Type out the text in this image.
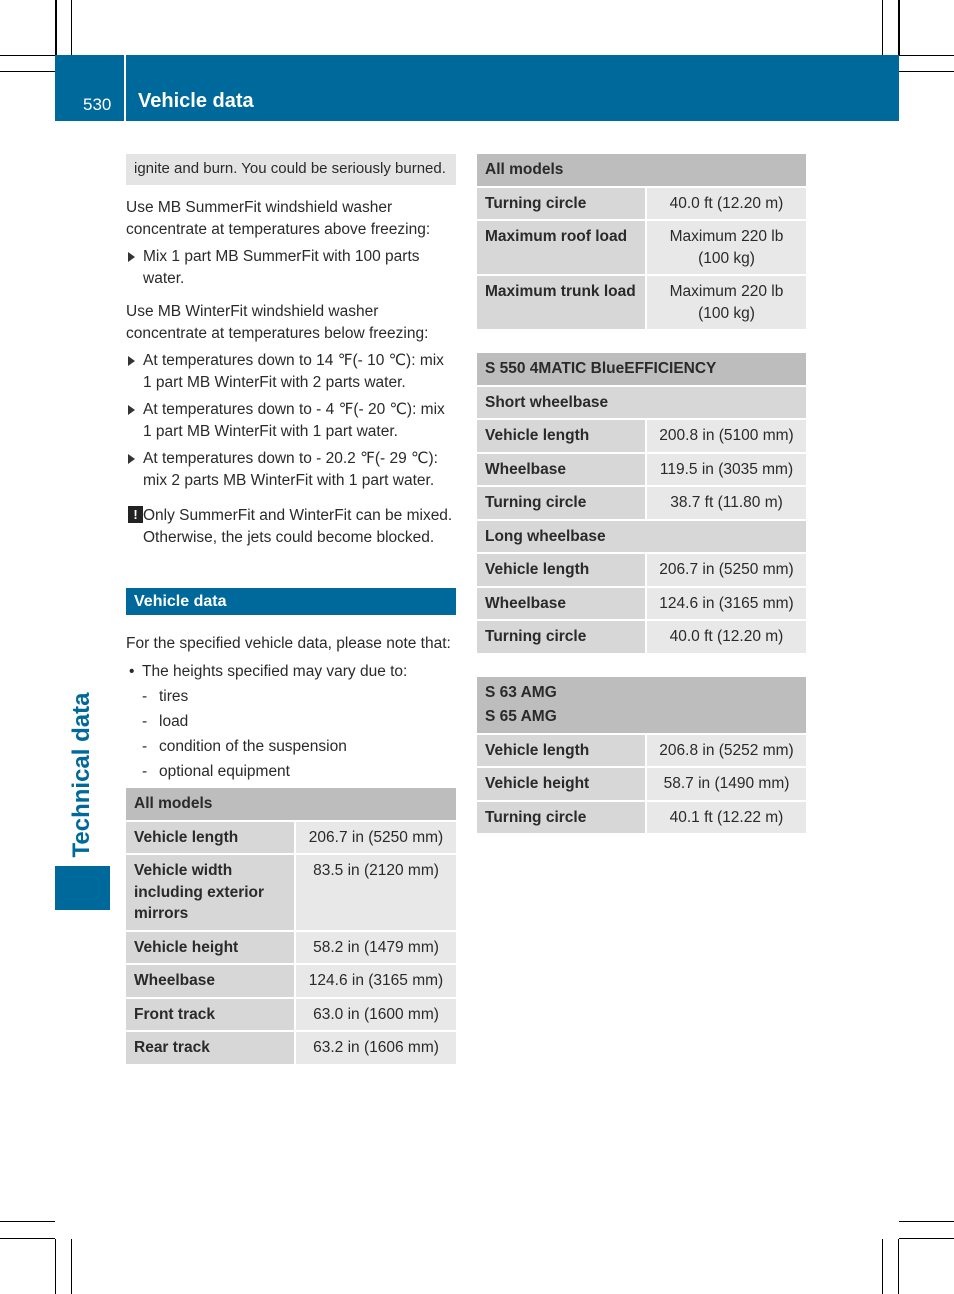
530 Vehicle data
Technical data
ignite and burn. You could be seriously burned.

Use MB SummerFit windshield washer concentrate at temperatures above freezing:

Mix 1 part MB SummerFit with 100 parts water.

Use MB WinterFit windshield washer concentrate at temperatures below freezing:

At temperatures down to 14 ℉(- 10 ℃): mix 1 part MB WinterFit with 2 parts water.
At temperatures down to - 4 ℉(- 20 ℃): mix 1 part MB WinterFit with 1 part water.
At temperatures down to - 20.2 ℉(- 29 ℃): mix 2 parts MB WinterFit with 1 part water.
! Only SummerFit and WinterFit can be mixed. Otherwise, the jets could become blocked.
Vehicle data

For the specified vehicle data, please note that:

• The heights specified may vary due to:
- tires
- load
- condition of the suspension
- optional equipment
All models	
Vehicle length	206.7 in (5250 mm)
Vehicle width including exterior mirrors	83.5 in (2120 mm)
Vehicle height	58.2 in (1479 mm)
Wheelbase	124.6 in (3165 mm)
Front track	63.0 in (1600 mm)
Rear track	63.2 in (1606 mm)
All models	
Turning circle	40.0 ft (12.20 m)
Maximum roof load	Maximum 220 lb (100 kg)
Maximum trunk load	Maximum 220 lb (100 kg)
S 550 4MATIC BlueEFFICIENCY	
Short wheelbase	
Vehicle length	200.8 in (5100 mm)
Wheelbase	119.5 in (3035 mm)
Turning circle	38.7 ft (11.80 m)
Long wheelbase	
Vehicle length	206.7 in (5250 mm)
Wheelbase	124.6 in (3165 mm)
Turning circle	40.0 ft (12.20 m)
S 63 AMG
S 65 AMG	

Vehicle length	206.8 in (5252 mm)
Vehicle height	58.7 in (1490 mm)
Turning circle	40.1 ft (12.22 m)
